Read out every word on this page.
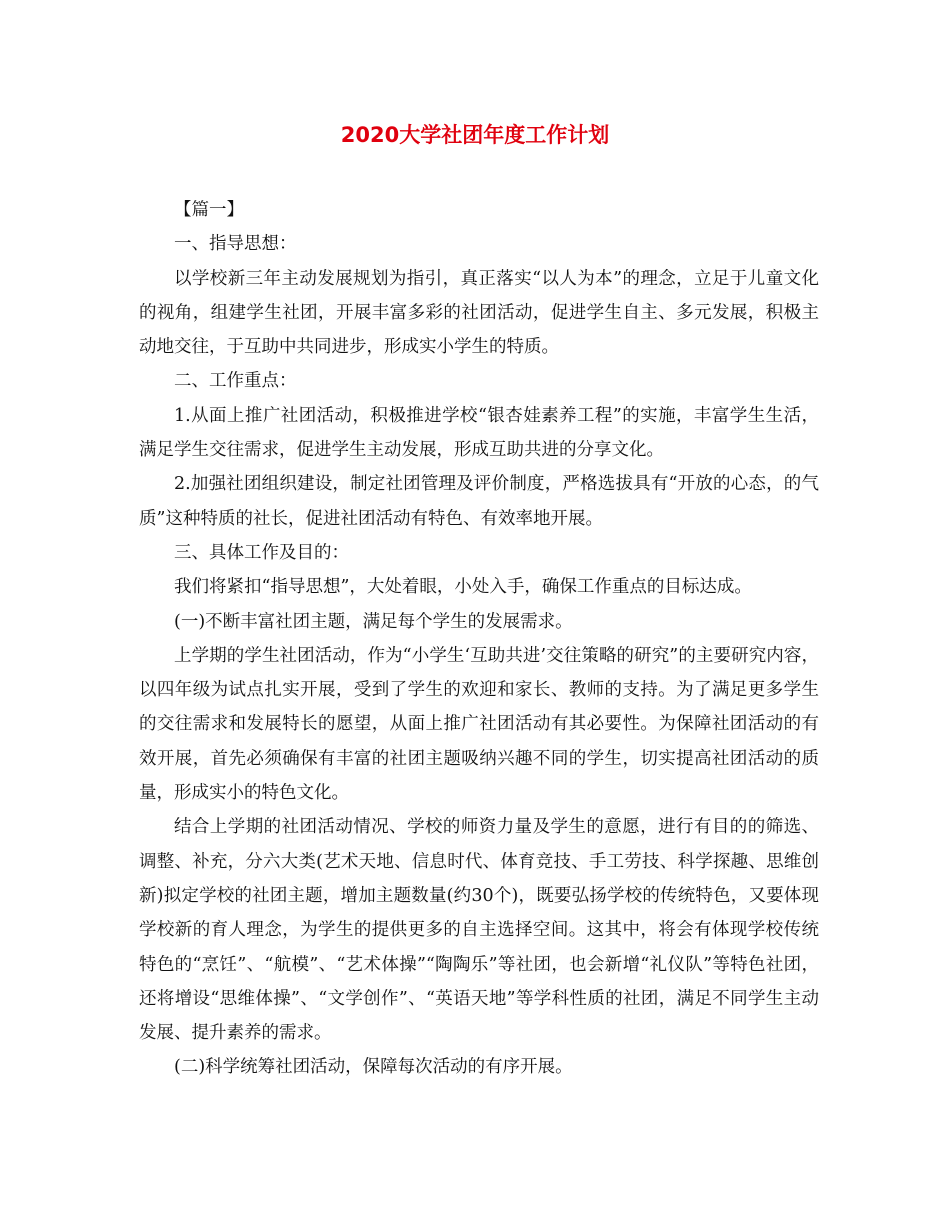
2020大学社团年度工作计划

【篇一】

一、指导思想：

以学校新三年主动发展规划为指引，真正落实“以人为本”的理念，立足于儿童文化的视角，组建学生社团，开展丰富多彩的社团活动，促进学生自主、多元发展，积极主动地交往，于互助中共同进步，形成实小学生的特质。

二、工作重点：

1.从面上推广社团活动，积极推进学校“银杏娃素养工程”的实施，丰富学生生活，满足学生交往需求，促进学生主动发展，形成互助共进的分享文化。

2.加强社团组织建设，制定社团管理及评价制度，严格选拔具有“开放的心态，的气质”这种特质的社长，促进社团活动有特色、有效率地开展。

三、具体工作及目的：

我们将紧扣“指导思想”，大处着眼，小处入手，确保工作重点的目标达成。

(一)不断丰富社团主题，满足每个学生的发展需求。

上学期的学生社团活动，作为“小学生‘互助共进’交往策略的研究”的主要研究内容，以四年级为试点扎实开展，受到了学生的欢迎和家长、教师的支持。为了满足更多学生的交往需求和发展特长的愿望，从面上推广社团活动有其必要性。为保障社团活动的有效开展，首先必须确保有丰富的社团主题吸纳兴趣不同的学生，切实提高社团活动的质量，形成实小的特色文化。

结合上学期的社团活动情况、学校的师资力量及学生的意愿，进行有目的的筛选、调整、补充，分六大类(艺术天地、信息时代、体育竞技、手工劳技、科学探趣、思维创新)拟定学校的社团主题，增加主题数量(约30个)，既要弘扬学校的传统特色，又要体现学校新的育人理念，为学生的提供更多的自主选择空间。这其中，将会有体现学校传统特色的“烹饪”、“航模”、“艺术体操”“陶陶乐”等社团，也会新增“礼仪队”等特色社团，还将增设“思维体操”、“文学创作”、“英语天地”等学科性质的社团，满足不同学生主动发展、提升素养的需求。

(二)科学统筹社团活动，保障每次活动的有序开展。
